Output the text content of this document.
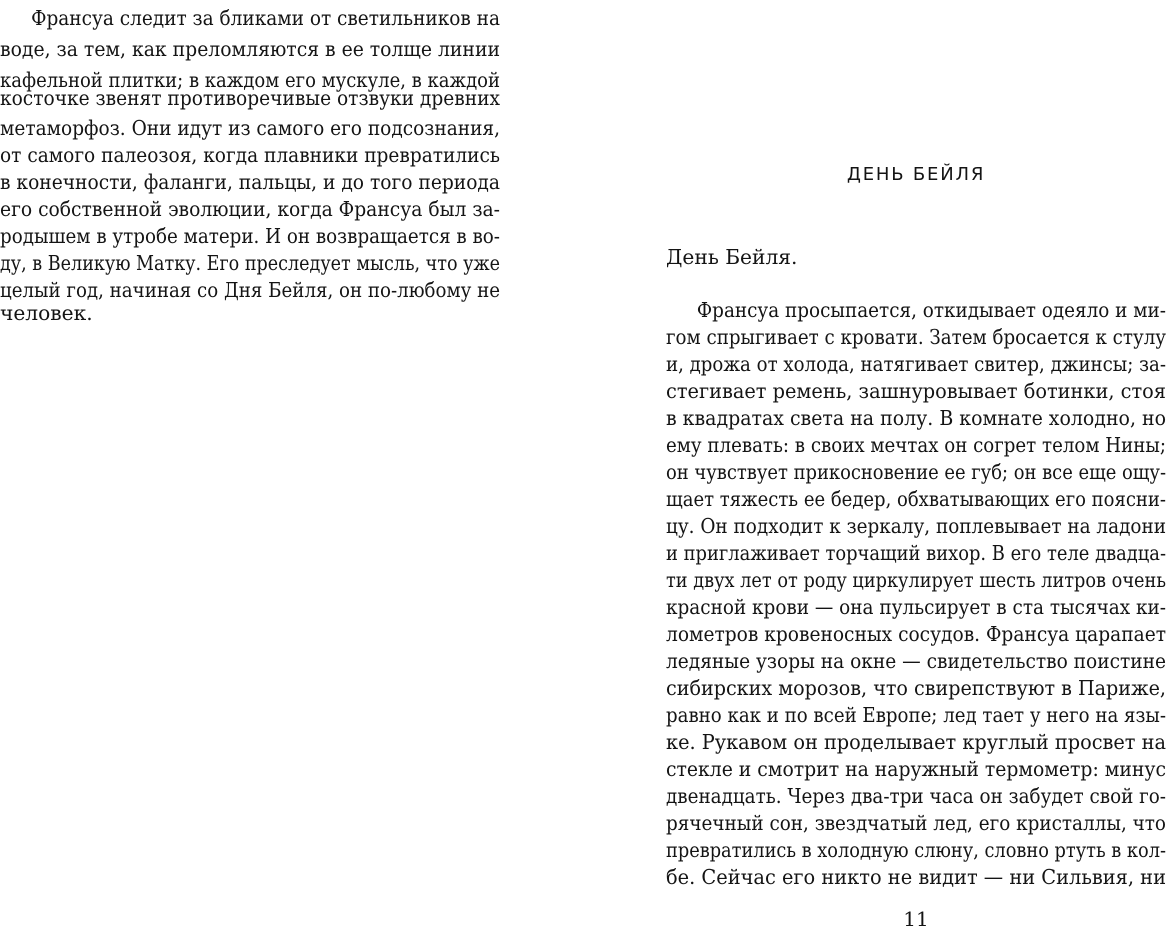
Франсуа следит за бликами от светильников на
воде, за тем, как преломляются в ее толще линии
кафельной плитки; в каждом его мускуле, в каждой
косточке звенят противоречивые отзвуки древних
метаморфоз. Они идут из самого его подсознания,
от самого палеозоя, когда плавники превратились
в конечности, фаланги, пальцы, и до того периода
его собственной эволюции, когда Франсуа был за-
родышем в утробе матери. И он возвращается в во-
ду, в Великую Матку. Его преследует мысль, что уже
целый год, начиная со Дня Бейля, он по-любому не
человек.
ДЕНЬ БЕЙЛЯ
День Бейля.
Франсуа просыпается, откидывает одеяло и ми-
гом спрыгивает с кровати. Затем бросается к стулу
и, дрожа от холода, натягивает свитер, джинсы; за-
стегивает ремень, зашнуровывает ботинки, стоя
в квадратах света на полу. В комнате холодно, но
ему плевать: в своих мечтах он согрет телом Нины;
он чувствует прикосновение ее губ; он все еще ощу-
щает тяжесть ее бедер, обхватывающих его поясни-
цу. Он подходит к зеркалу, поплевывает на ладони
и приглаживает торчащий вихор. В его теле двадца-
ти двух лет от роду циркулирует шесть литров очень
красной крови — она пульсирует в ста тысячах ки-
лометров кровеносных сосудов. Франсуа царапает
ледяные узоры на окне — свидетельство поистине
сибирских морозов, что свирепствуют в Париже,
равно как и по всей Европе; лед тает у него на язы-
ке. Рукавом он проделывает круглый просвет на
стекле и смотрит на наружный термометр: минус
двенадцать. Через два-три часа он забудет свой го-
рячечный сон, звездчатый лед, его кристаллы, что
превратились в холодную слюну, словно ртуть в кол-
бе. Сейчас его никто не видит — ни Сильвия, ни
11
